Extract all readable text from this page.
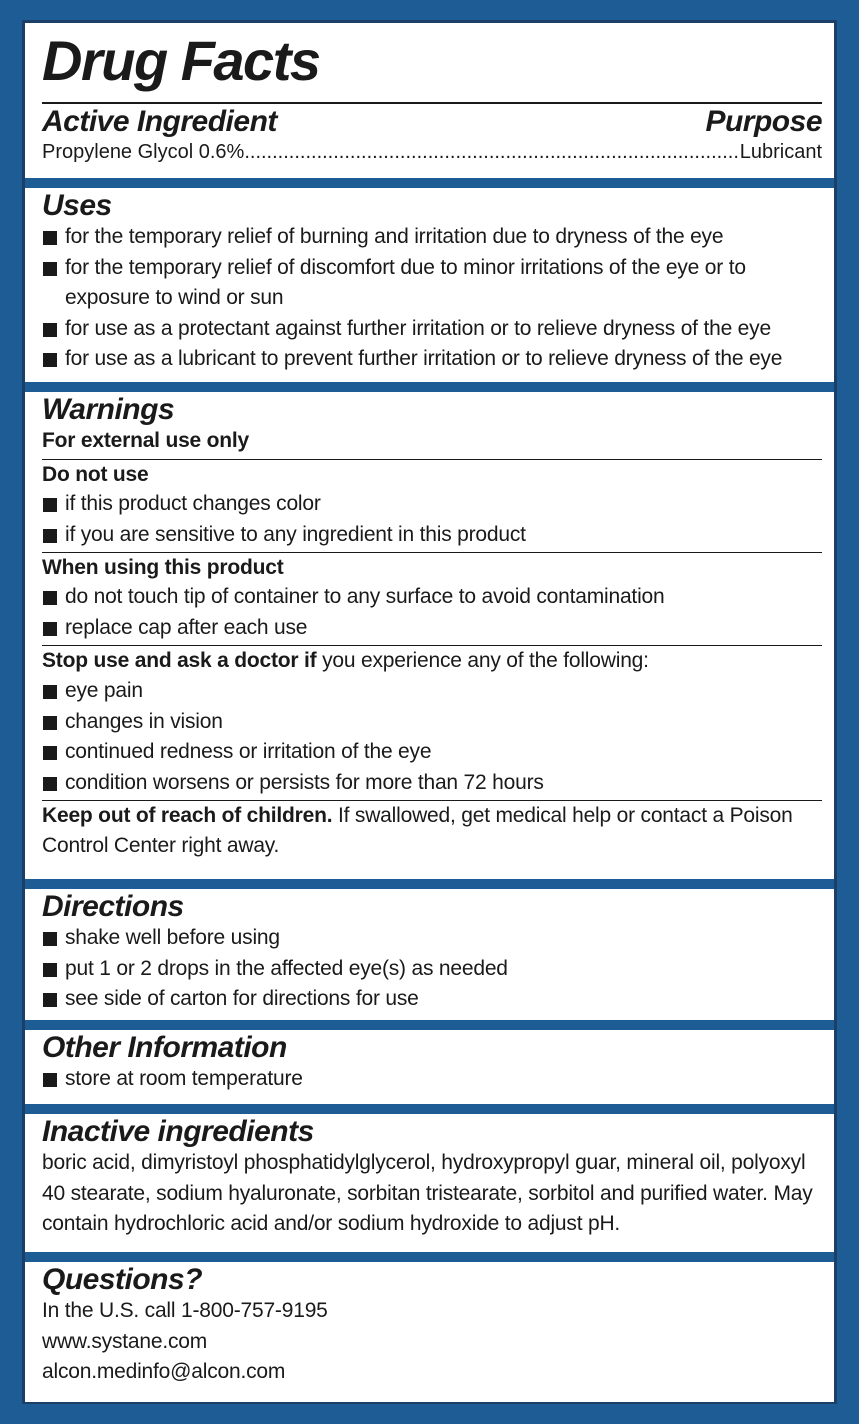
Drug Facts
Active Ingredient	Purpose
Propylene Glycol 0.6%
.....	Lubricant
Uses
for the temporary relief of burning and irritation due to dryness of the eye
for the temporary relief of discomfort due to minor irritations of the eye or to exposure to wind or sun
for use as a protectant against further irritation or to relieve dryness of the eye
for use as a lubricant to prevent further irritation or to relieve dryness of the eye
Warnings
For external use only
Do not use
if this product changes color
if you are sensitive to any ingredient in this product
When using this product
do not touch tip of container to any surface to avoid contamination
replace cap after each use
Stop use and ask a doctor if you experience any of the following:
eye pain
changes in vision
continued redness or irritation of the eye
condition worsens or persists for more than 72 hours
Keep out of reach of children. If swallowed, get medical help or contact a Poison Control Center right away.
Directions
shake well before using
put 1 or 2 drops in the affected eye(s) as needed
see side of carton for directions for use
Other Information
store at room temperature
Inactive ingredients
boric acid, dimyristoyl phosphatidylglycerol, hydroxypropyl guar, mineral oil, polyoxyl 40 stearate, sodium hyaluronate, sorbitan tristearate, sorbitol and purified water. May contain hydrochloric acid and/or sodium hydroxide to adjust pH.
Questions?
In the U.S. call 1-800-757-9195
www.systane.com
alcon.medinfo@alcon.com
